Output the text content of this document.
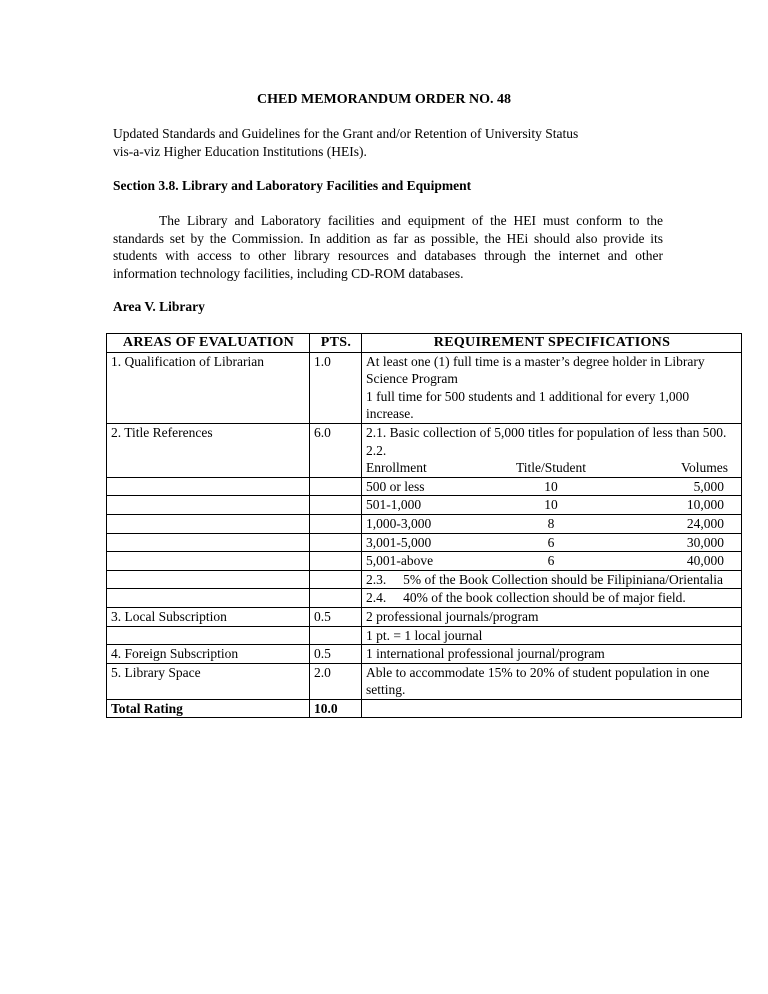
CHED MEMORANDUM ORDER NO. 48
Updated Standards and Guidelines for the Grant and/or Retention of University Status
vis-a-viz Higher Education Institutions (HEIs).
Section 3.8. Library and Laboratory Facilities and Equipment
The Library and Laboratory facilities and equipment of the HEI must conform to the standards set by the Commission. In addition as far as possible, the HEi should also provide its students with access to other library resources and databases through the internet and other information technology facilities, including CD-ROM databases.
Area V. Library
AREAS OF EVALUATION	PTS.	REQUIREMENT SPECIFICATIONS
1. Qualification of Librarian	1.0	At least one (1) full time is a master’s degree holder in Library Science Program
1 full time for 500 students and 1 additional for every 1,000 increase.

2. Title References	6.0	2.1. Basic collection of 5,000 titles for population of less than 500.
2.2.
Enrollment Title/Student Volumes

		500 or less 10 5,000

		501-1,000 10 10,000

		1,000-3,000 8 24,000

		3,001-5,000 6 30,000

		5,001-above 6 40,000

		2.3.     5% of the Book Collection should be Filipiniana/Orientalia
		2.4.     40% of the book collection should be of major field.
3. Local Subscription	0.5	2 professional journals/program
		1 pt. = 1 local journal
4. Foreign Subscription	0.5	1 international professional journal/program
5. Library Space	2.0	Able to accommodate 15% to 20% of student population in one setting.
Total Rating	10.0	
